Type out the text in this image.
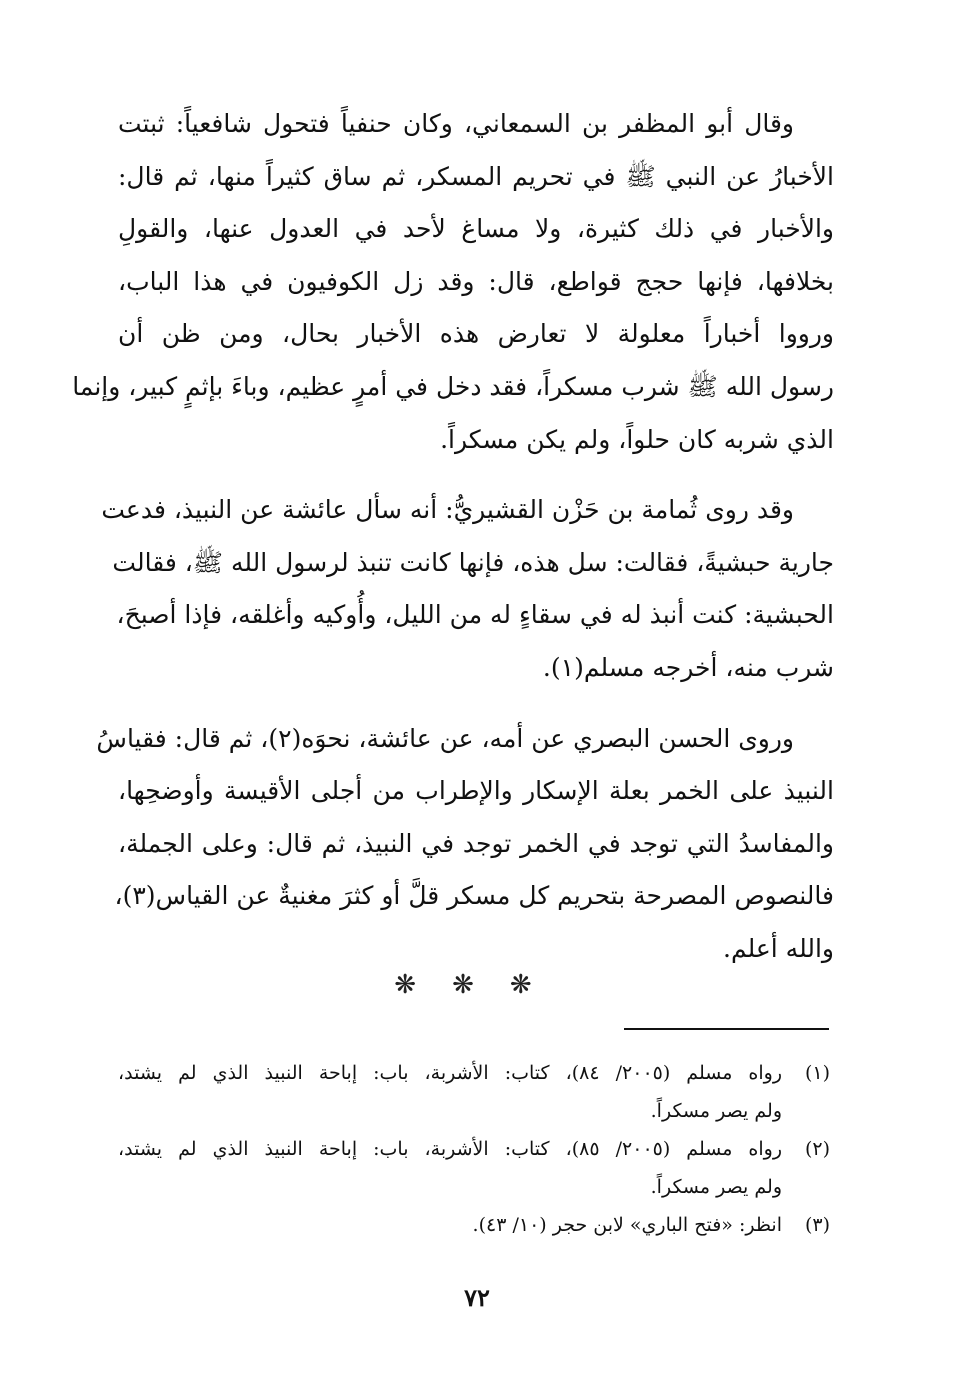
وقال أبو المظفر بن السمعاني، وكان حنفياً فتحول شافعياً: ثبتت
الأخبارُ عن النبي ﷺ في تحريم المسكر، ثم ساق كثيراً منها، ثم قال:
والأخبار في ذلك كثيرة، ولا مساغ لأحد في العدول عنها، والقولِ
بخلافها، فإنها حجج قواطع، قال: وقد زل الكوفيون في هذا الباب،
ورووا أخباراً معلولة لا تعارض هذه الأخبار بحال، ومن ظن أن
رسول الله ﷺ شرب مسكراً، فقد دخل في أمرٍ عظيم، وباءَ بإثمٍ كبير، وإنما
الذي شربه كان حلواً، ولم يكن مسكراً.
وقد روى ثُمامة بن حَزْن القشيريُّ: أنه سأل عائشة عن النبيذ، فدعت
جارية حبشيةً، فقالت: سل هذه، فإنها كانت تنبذ لرسول الله ﷺ، فقالت
الحبشية: كنت أنبذ له في سقاءٍ له من الليل، وأُوكيه وأغلقه، فإذا أصبحَ،
شرب منه، أخرجه مسلم(١).
وروى الحسن البصري عن أمه، عن عائشة، نحوَه(٢)، ثم قال: فقياسُ
النبيذ على الخمر بعلة الإسكار والإطراب من أجلى الأقيسة وأوضحِها،
والمفاسدُ التي توجد في الخمر توجد في النبيذ، ثم قال: وعلى الجملة،
فالنصوص المصرحة بتحريم كل مسكر قلَّ أو كثرَ مغنيةٌ عن القياس(٣)،
والله أعلم.
❋❋❋
(١)
رواه مسلم (٢٠٠٥/ ٨٤)، كتاب: الأشربة، باب: إباحة النبيذ الذي لم يشتد،
ولم يصر مسكراً.
(٢)
رواه مسلم (٢٠٠٥/ ٨٥)، كتاب: الأشربة، باب: إباحة النبيذ الذي لم يشتد،
ولم يصر مسكراً.
(٣)
انظر: «فتح الباري» لابن حجر (١٠/ ٤٣).
٧٢
